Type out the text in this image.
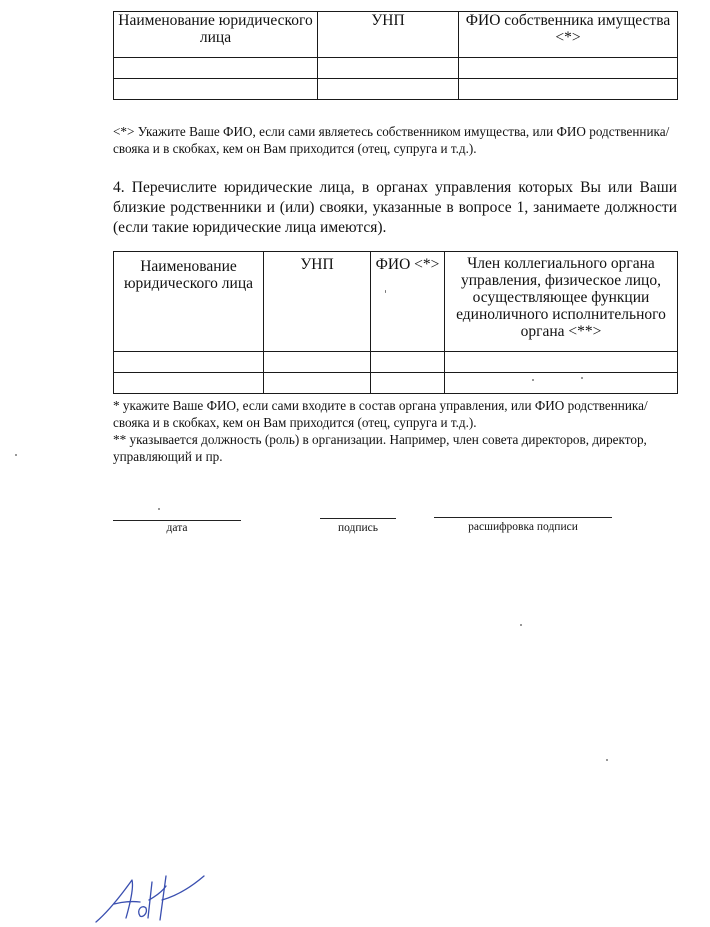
Наименование юридического лица	УНП	ФИО собственника имущества <*>

<*> Укажите Ваше ФИО, если сами являетесь собственником имущества, или ФИО родственника/свояка и в скобках, кем он Вам приходится (отец, супруга и т.д.).
4. Перечислите юридические лица, в органах управления которых Вы или Ваши близкие родственники и (или) свояки, указанные в вопросе 1, занимаете должности (если такие юридические лица имеются).
Наименование юридического лица	УНП	ФИО <*>	Член коллегиального органа управления, физическое лицо, осуществляющее функции единоличного исполнительного органа <**>

* укажите Ваше ФИО, если сами входите в состав органа управления, или ФИО родственника/свояка и в скобках, кем он Вам приходится (отец, супруга и т.д.).
** указывается должность (роль) в организации. Например, член совета директоров, директор, управляющий и пр.
дата	подпись	расшифровка подписи
